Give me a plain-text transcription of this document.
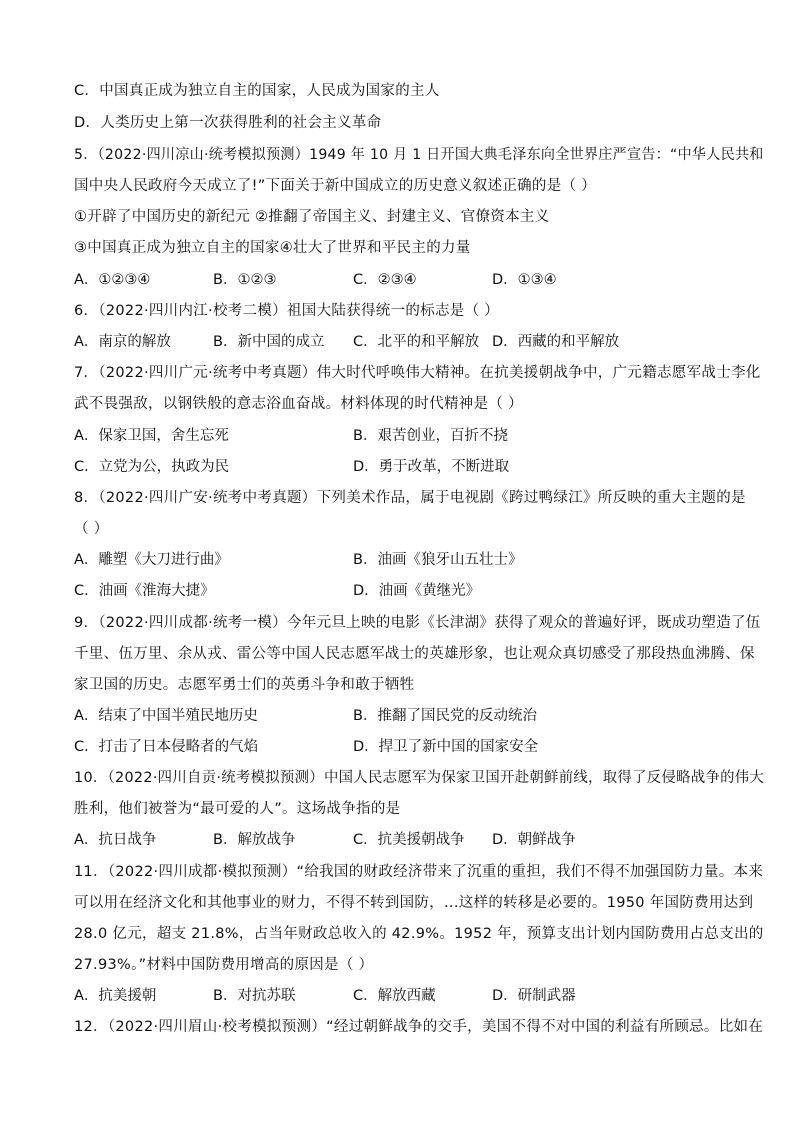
C．中国真正成为独立自主的国家，人民成为国家的主人
D．人类历史上第一次获得胜利的社会主义革命
5．（2022·四川凉山·统考模拟预测）1949 年 10 月 1 日开国大典毛泽东向全世界庄严宣告：“中华人民共和
国中央人民政府今天成立了!”下面关于新中国成立的历史意义叙述正确的是（ ）
①开辟了中国历史的新纪元 ②推翻了帝国主义、封建主义、官僚资本主义
③中国真正成为独立自主的国家④壮大了世界和平民主的力量
A．①②③④	B．①②③	C．②③④	D．①③④
6．（2022·四川内江·校考二模）祖国大陆获得统一的标志是（ ）
A．南京的解放	B．新中国的成立 C．北平的和平解放 D．西藏的和平解放
7．（2022·四川广元·统考中考真题）伟大时代呼唤伟大精神。在抗美援朝战争中，广元籍志愿军战士李化
武不畏强敌，以钢铁般的意志浴血奋战。材料体现的时代精神是（ ）
A．保家卫国，舍生忘死	B．艰苦创业，百折不挠
C．立党为公，执政为民	D．勇于改革，不断进取
8．（2022·四川广安·统考中考真题）下列美术作品，属于电视剧《跨过鸭绿江》所反映的重大主题的是
（ ）
A．雕塑《大刀进行曲》	B．油画《狼牙山五壮士》
C．油画《淮海大捷》	D．油画《黄继光》
9．（2022·四川成都·统考一模）今年元旦上映的电影《长津湖》获得了观众的普遍好评，既成功塑造了伍
千里、伍万里、余从戎、雷公等中国人民志愿军战士的英雄形象，也让观众真切感受了那段热血沸腾、保
家卫国的历史。志愿军勇士们的英勇斗争和敢于牺牲
A．结束了中国半殖民地历史	B．推翻了国民党的反动统治
C．打击了日本侵略者的气焰	D．捍卫了新中国的国家安全
10．（2022·四川自贡·统考模拟预测）中国人民志愿军为保家卫国开赴朝鲜前线，取得了反侵略战争的伟大
胜利，他们被誉为“最可爱的人”。这场战争指的是
A．抗日战争	B．解放战争	C．抗美援朝战争 D．朝鲜战争
11．（2022·四川成都·模拟预测）“给我国的财政经济带来了沉重的重担，我们不得不加强国防力量。本来
可以用在经济文化和其他事业的财力，不得不转到国防，...这样的转移是必要的。1950 年国防费用达到
28.0 亿元，超支 21.8%，占当年财政总收入的 42.9%。1952 年，预算支出计划内国防费用占总支出的
27.93%。”材料中国防费用增高的原因是（ ）
A．抗美援朝	B．对抗苏联	C．解放西藏	D．研制武器
12．（2022·四川眉山·校考模拟预测）“经过朝鲜战争的交手，美国不得不对中国的利益有所顾忌。比如在
